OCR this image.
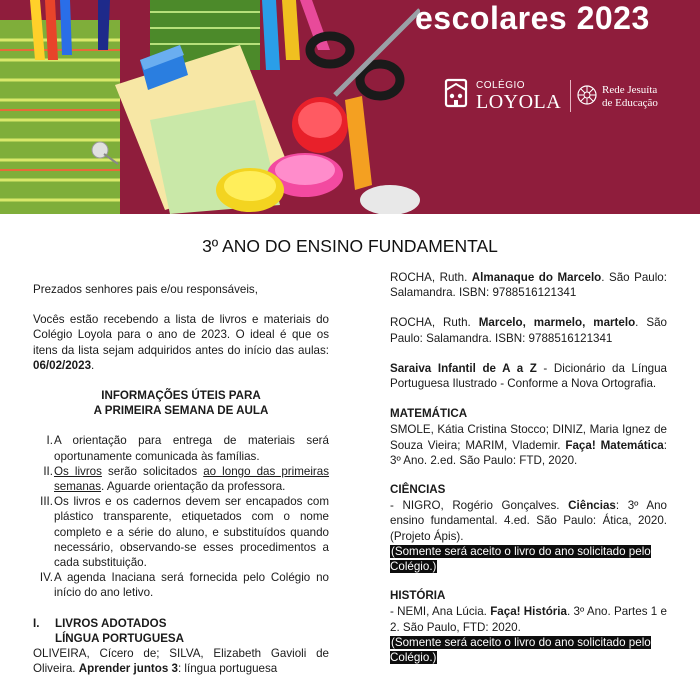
escolares 2023
COLÉGIO
LOYOLA
Rede Jesuíta
de Educação
3º ANO DO ENSINO FUNDAMENTAL
Prezados senhores pais e/ou responsáveis,
Vocês estão recebendo a lista de livros e materiais do Colégio Loyola para o ano de 2023. O ideal é que os itens da lista sejam adquiridos antes do início das aulas: 06/02/2023.
INFORMAÇÕES ÚTEIS PARA
A PRIMEIRA SEMANA DE AULA
I. A orientação para entrega de materiais será oportunamente comunicada às famílias.
II. Os livros serão solicitados ao longo das primeiras semanas. Aguarde orientação da professora.
III. Os livros e os cadernos devem ser encapados com plástico transparente, etiquetados com o nome completo e a série do aluno, e substituídos quando necessário, observando-se esses procedimentos a cada substituição.
IV. A agenda Inaciana será fornecida pelo Colégio no início do ano letivo.
I. LIVROS ADOTADOS
LÍNGUA PORTUGUESA
OLIVEIRA, Cícero de; SILVA, Elizabeth Gavioli de Oliveira. Aprender juntos 3: língua portuguesa
ROCHA, Ruth. Almanaque do Marcelo. São Paulo: Salamandra. ISBN: 9788516121341
ROCHA, Ruth. Marcelo, marmelo, martelo. São Paulo: Salamandra. ISBN: 9788516121341
Saraiva Infantil de A a Z - Dicionário da Língua Portuguesa Ilustrado - Conforme a Nova Ortografia.
MATEMÁTICA
SMOLE, Kátia Cristina Stocco; DINIZ, Maria Ignez de Souza Vieira; MARIM, Vlademir. Faça! Matemática: 3º Ano. 2.ed. São Paulo: FTD, 2020.
CIÊNCIAS
- NIGRO, Rogério Gonçalves. Ciências: 3º Ano ensino fundamental. 4.ed. São Paulo: Ática, 2020. (Projeto Ápis).
(Somente será aceito o livro do ano solicitado pelo Colégio.)
HISTÓRIA
- NEMI, Ana Lúcia. Faça! História. 3º Ano. Partes 1 e 2. São Paulo, FTD: 2020.
(Somente será aceito o livro do ano solicitado pelo Colégio.)
